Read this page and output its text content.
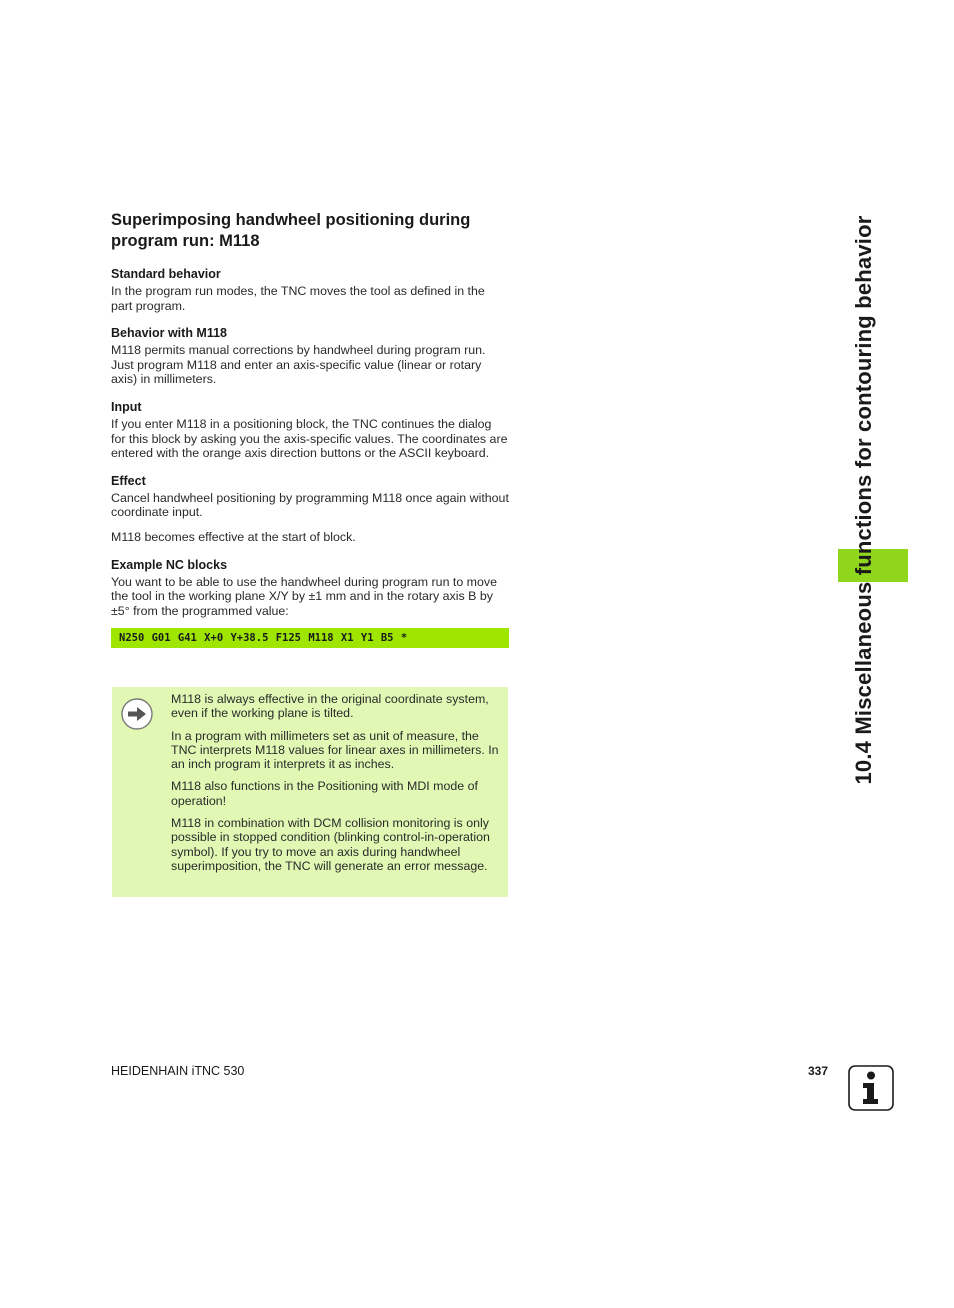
10.4 Miscellaneous functions for contouring behavior
Superimposing handwheel positioning during program run: M118

Standard behavior

In the program run modes, the TNC moves the tool as defined in the part program.

Behavior with M118

M118 permits manual corrections by handwheel during program run. Just program M118 and enter an axis-specific value (linear or rotary axis) in millimeters.

Input

If you enter M118 in a positioning block, the TNC continues the dialog for this block by asking you the axis-specific values. The coordinates are entered with the orange axis direction buttons or the ASCII keyboard.

Effect

Cancel handwheel positioning by programming M118 once again without coordinate input.

M118 becomes effective at the start of block.

Example NC blocks

You want to be able to use the handwheel during program run to move the tool in the working plane X/Y by ±1 mm and in the rotary axis B by ±5° from the programmed value:

N250 G01 G41 X+0 Y+38.5 F125 M118 X1 Y1 B5 *

M118 is always effective in the original coordinate system, even if the working plane is tilted.

In a program with millimeters set as unit of measure, the TNC interprets M118 values for linear axes in millimeters. In an inch program it interprets it as inches.

M118 also functions in the Positioning with MDI mode of operation!

M118 in combination with DCM collision monitoring is only possible in stopped condition (blinking control-in-operation symbol). If you try to move an axis during handwheel superimposition, the TNC will generate an error message.

HEIDENHAIN iTNC 530	337
